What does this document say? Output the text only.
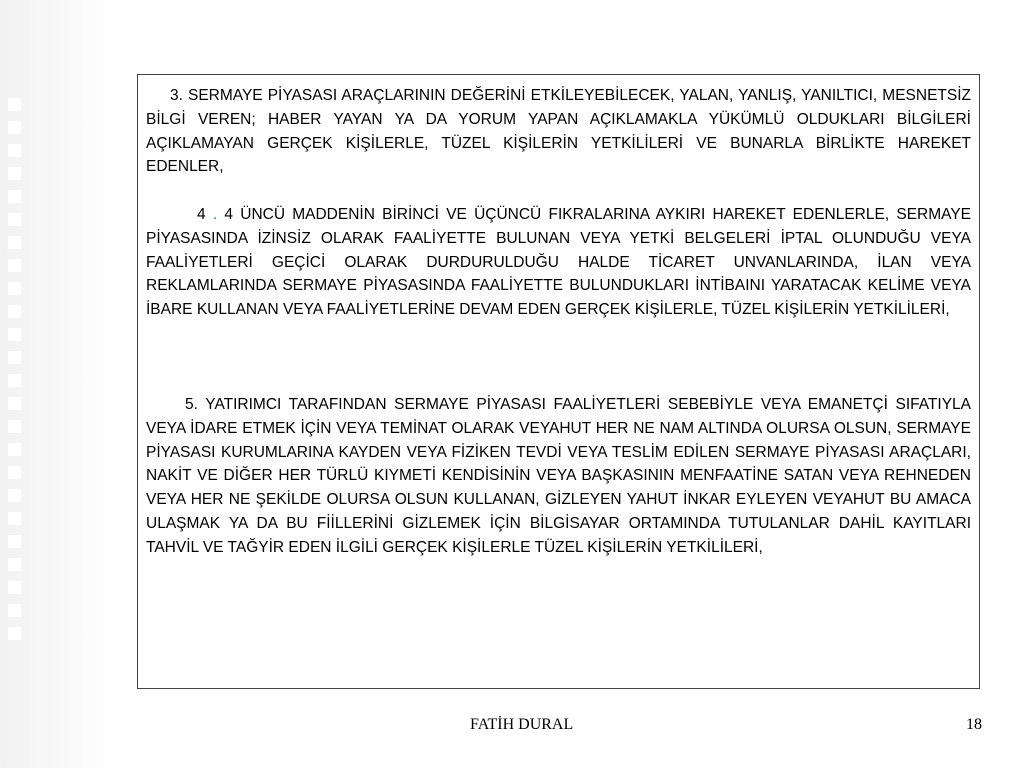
3. SERMAYE PİYASASI ARAÇLARININ DEĞERİNİ ETKİLEYEBİLECEK, YALAN, YANLIŞ, YANILTICI, MESNETSİZ BİLGİ VEREN; HABER YAYAN YA DA YORUM YAPAN AÇIKLAMAKLA YÜKÜMLÜ OLDUKLARI BİLGİLERİ AÇIKLAMAYAN GERÇEK KİŞİLERLE, TÜZEL KİŞİLERİN YETKİLİLERİ VE BUNARLA BİRLİKTE HAREKET EDENLER,

4 . 4 ÜNCÜ MADDENİN BİRİNCİ VE ÜÇÜNCÜ FIKRALARINA AYKIRI HAREKET EDENLERLE, SERMAYE PİYASASINDA İZİNSİZ OLARAK FAALİYETTE BULUNAN VEYA YETKİ BELGELERİ İPTAL OLUNDUĞU VEYA FAALİYETLERİ GEÇİCİ OLARAK DURDURULDUĞU HALDE TİCARET UNVANLARINDA, İLAN VEYA REKLAMLARINDA SERMAYE PİYASASINDA FAALİYETTE BULUNDUKLARI İNTİBAINI YARATACAK KELİME VEYA İBARE KULLANAN VEYA FAALİYETLERİNE DEVAM EDEN GERÇEK KİŞİLERLE, TÜZEL KİŞİLERİN YETKİLİLERİ,

5. YATIRIMCI TARAFINDAN SERMAYE PİYASASI FAALİYETLERİ SEBEBİYLE VEYA EMANETÇİ SIFATIYLA VEYA İDARE ETMEK İÇİN VEYA TEMİNAT OLARAK VEYAHUT HER NE NAM ALTINDA OLURSA OLSUN, SERMAYE PİYASASI KURUMLARINA KAYDEN VEYA FİZİKEN TEVDİ VEYA TESLİM EDİLEN SERMAYE PİYASASI ARAÇLARI, NAKİT VE DİĞER HER TÜRLÜ KIYMETİ KENDİSİNİN VEYA BAŞKASININ MENFAATİNE SATAN VEYA REHNEDEN VEYA HER NE ŞEKİLDE OLURSA OLSUN KULLANAN, GİZLEYEN YAHUT İNKAR EYLEYEN VEYAHUT BU AMACA ULAŞMAK YA DA BU FİİLLERİNİ GİZLEMEK İÇİN BİLGİSAYAR ORTAMINDA TUTULANLAR DAHİL KAYITLARI TAHVİL VE TAĞYİR EDEN İLGİLİ GERÇEK KİŞİLERLE TÜZEL KİŞİLERİN YETKİLİLERİ,

FATİH DURAL	18
